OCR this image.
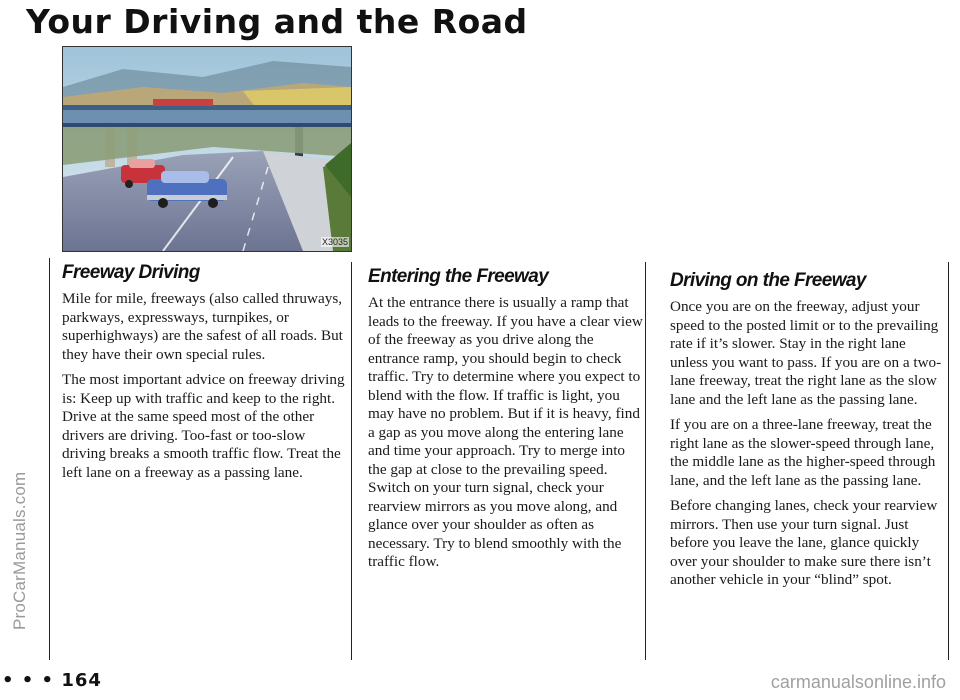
Your Driving and the Road
ProCarManuals.com
X3035
Freeway Driving

Mile for mile, freeways (also called thruways, parkways, expressways, turnpikes, or superhighways) are the safest of all roads. But they have their own special rules.

The most important advice on freeway driving is: Keep up with traffic and keep to the right. Drive at the same speed most of the other drivers are driving. Too-fast or too-slow driving breaks a smooth traffic flow. Treat the left lane on a freeway as a passing lane.

Entering the Freeway

At the entrance there is usually a ramp that leads to the freeway. If you have a clear view of the freeway as you drive along the entrance ramp, you should begin to check traffic. Try to determine where you expect to blend with the flow. If traffic is light, you may have no problem. But if it is heavy, find a gap as you move along the entering lane and time your approach. Try to merge into the gap at close to the prevailing speed. Switch on your turn signal, check your rearview mirrors as you move along, and glance over your shoulder as often as necessary. Try to blend smoothly with the traffic flow.

Driving on the Freeway

Once you are on the freeway, adjust your speed to the posted limit or to the prevailing rate if it’s slower. Stay in the right lane unless you want to pass. If you are on a two-lane freeway, treat the right lane as the slow lane and the left lane as the passing lane.

If you are on a three-lane freeway, treat the right lane as the slower-speed through lane, the middle lane as the higher-speed through lane, and the left lane as the passing lane.

Before changing lanes, check your rearview mirrors. Then use your turn signal. Just before you leave the lane, glance quickly over your shoulder to make sure there isn’t another vehicle in your “blind” spot.

• • • 164	carmanualsonline.info
